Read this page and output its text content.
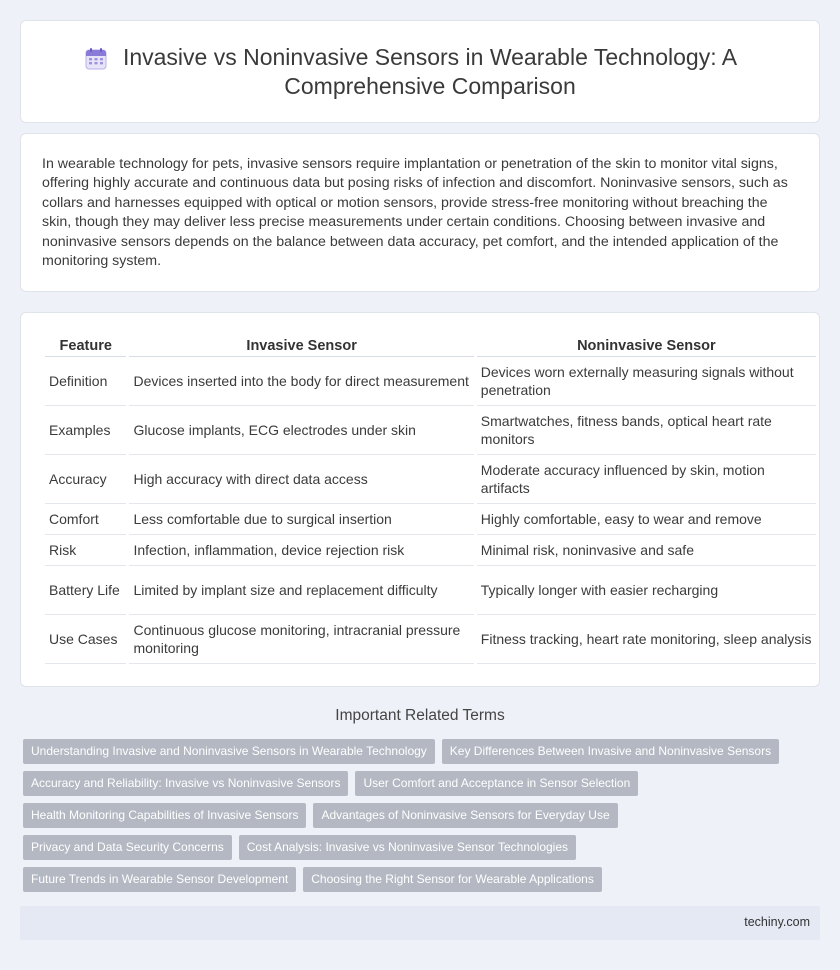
Invasive vs Noninvasive Sensors in Wearable Technology: A Comprehensive Comparison

In wearable technology for pets, invasive sensors require implantation or penetration of the skin to monitor vital signs, offering highly accurate and continuous data but posing risks of infection and discomfort. Noninvasive sensors, such as collars and harnesses equipped with optical or motion sensors, provide stress-free monitoring without breaching the skin, though they may deliver less precise measurements under certain conditions. Choosing between invasive and noninvasive sensors depends on the balance between data accuracy, pet comfort, and the intended application of the monitoring system.

Feature	Invasive Sensor	Noninvasive Sensor
Definition	Devices inserted into the body for direct measurement	Devices worn externally measuring signals without penetration
Examples	Glucose implants, ECG electrodes under skin	Smartwatches, fitness bands, optical heart rate monitors
Accuracy	High accuracy with direct data access	Moderate accuracy influenced by skin, motion artifacts
Comfort	Less comfortable due to surgical insertion	Highly comfortable, easy to wear and remove
Risk	Infection, inflammation, device rejection risk	Minimal risk, noninvasive and safe
Battery Life	Limited by implant size and replacement difficulty	Typically longer with easier recharging
Use Cases	Continuous glucose monitoring, intracranial pressure monitoring	Fitness tracking, heart rate monitoring, sleep analysis
Important Related Terms
Understanding Invasive and Noninvasive Sensors in Wearable Technology	Key Differences Between Invasive and Noninvasive Sensors
Accuracy and Reliability: Invasive vs Noninvasive Sensors	User Comfort and Acceptance in Sensor Selection
Health Monitoring Capabilities of Invasive Sensors	Advantages of Noninvasive Sensors for Everyday Use
Privacy and Data Security Concerns	Cost Analysis: Invasive vs Noninvasive Sensor Technologies
Future Trends in Wearable Sensor Development	Choosing the Right Sensor for Wearable Applications
techiny.com
